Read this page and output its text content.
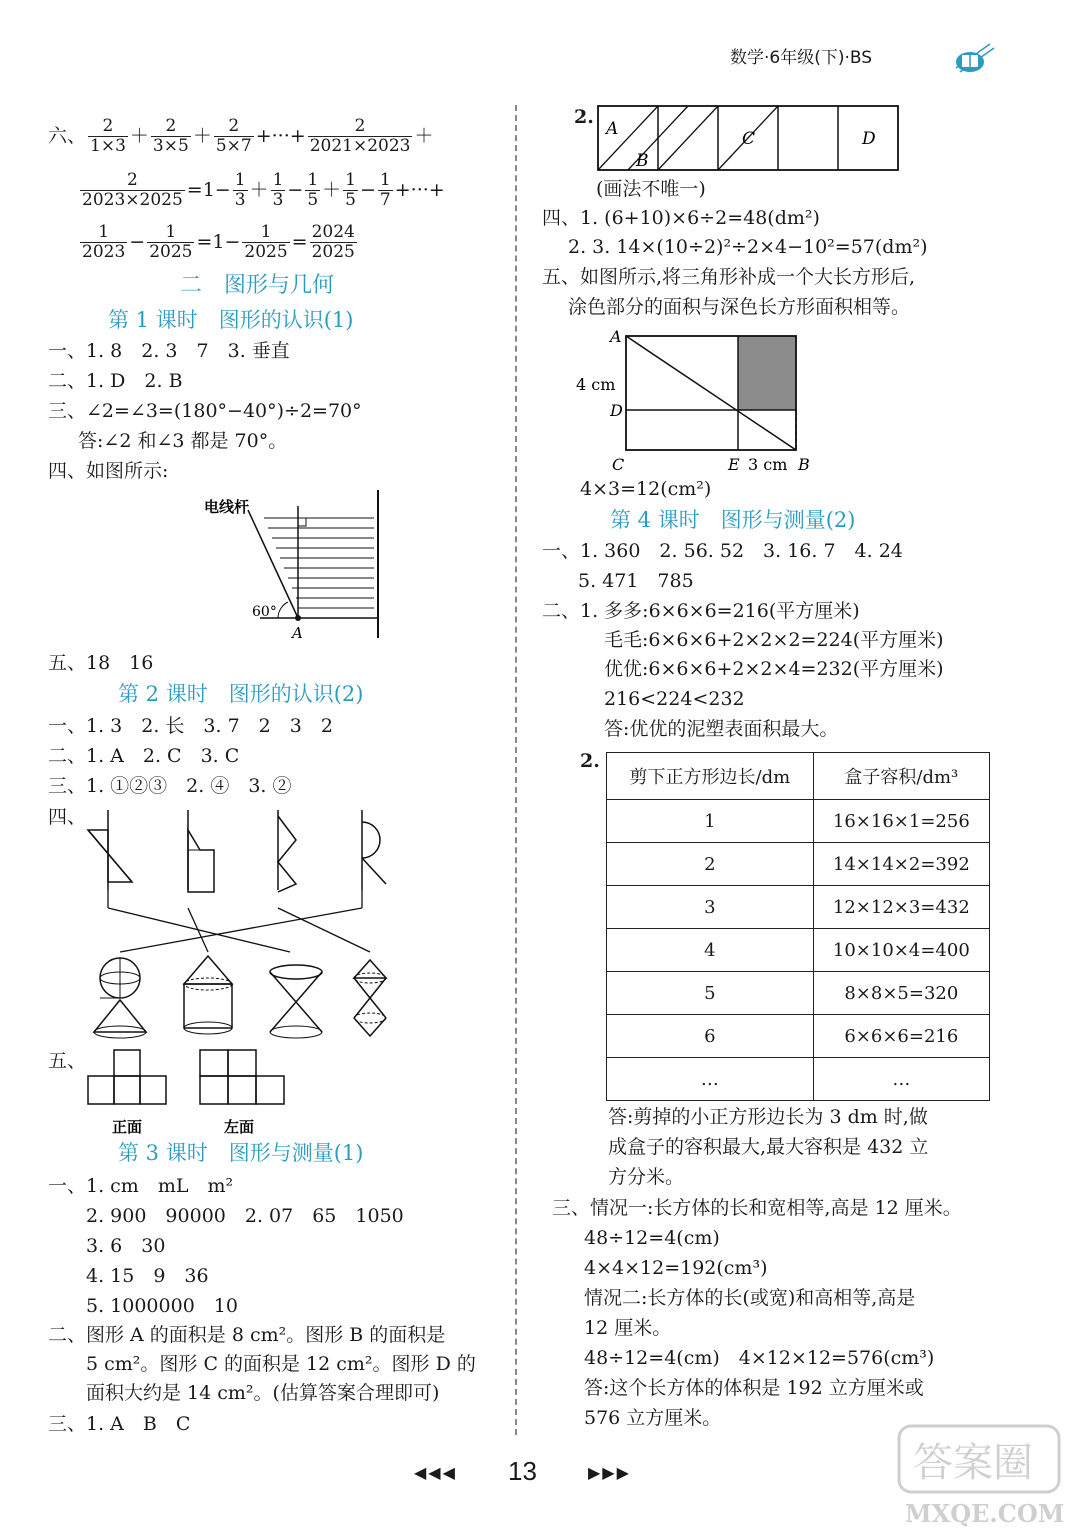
数学·6年级(下)·BS
六、 $\frac{2}{1\times 3} + \frac{2}{3\times 5} + \frac{2}{5\times 7}$ +···+ $\frac{2}{2021\times 2023}$ ＋
$\frac{2}{2023\times 2025} =1- \frac{1}{3} + \frac{1}{3} - \frac{1}{5} + \frac{1}{5} - \frac{1}{7}$ +···+
$\frac{1}{2023} - \frac{1}{2025} =1- \frac{1}{2025} = \frac{2024}{2025}$
二　图形与几何
第 1 课时　图形的认识(1)
一、1. 8　2. 3　7　3. 垂直
二、1. D　2. B
三、∠2=∠3=(180°−40°)÷2=70°
答:∠2 和∠3 都是 70°。
四、如图所示:
电线杆
60°
A
五、18　16
第 2 课时　图形的认识(2)
一、1. 3　2. 长　3. 7　2　3　2
二、1. A　2. C　3. C
三、1. ①②③　2. ④　3. ②
四、
五、
正面	左面
第 3 课时　图形与测量(1)
一、1. cm　mL　m²
2. 900　90000　2. 07　65　1050
3. 6　30
4. 15　9　36
5. 1000000　10
二、图形 A 的面积是 8 cm²。图形 B 的面积是
5 cm²。图形 C 的面积是 12 cm²。图形 D 的
面积大约是 14 cm²。(估算答案合理即可)
三、1. A　B　C
2.
A
B
C	D
(画法不唯一)
四、1. (6+10)×6÷2=48(dm²)
2. 3. 14×(10÷2)²÷2×4−10²=57(dm²)
五、如图所示,将三角形补成一个大长方形后,
涂色部分的面积与深色长方形面积相等。
A
4 cm
D
C	E 3 cm B
4×3=12(cm²)
第 4 课时　图形与测量(2)
一、1. 360　2. 56. 52　3. 16. 7　4. 24
5. 471　785
二、1. 多多:6×6×6=216(平方厘米)
毛毛:6×6×6+2×2×2=224(平方厘米)
优优:6×6×6+2×2×4=232(平方厘米)
216<224<232
答:优优的泥塑表面积最大。
2.
剪下正方形边长/dm	盒子容积/dm³
1	16×16×1=256
2	14×14×2=392
3	12×12×3=432
4	10×10×4=400
5	8×8×5=320
6	6×6×6=216
…	…
答:剪掉的小正方形边长为 3 dm 时,做
成盒子的容积最大,最大容积是 432 立
方分米。
三、情况一:长方体的长和宽相等,高是 12 厘米。
48÷12=4(cm)
4×4×12=192(cm³)
情况二:长方体的长(或宽)和高相等,高是
12 厘米。
48÷12=4(cm)　4×12×12=576(cm³)
答:这个长方体的体积是 192 立方厘米或
576 立方厘米。
◀◀◀ 13	▶▶▶	答案圈
MXQE.COM
